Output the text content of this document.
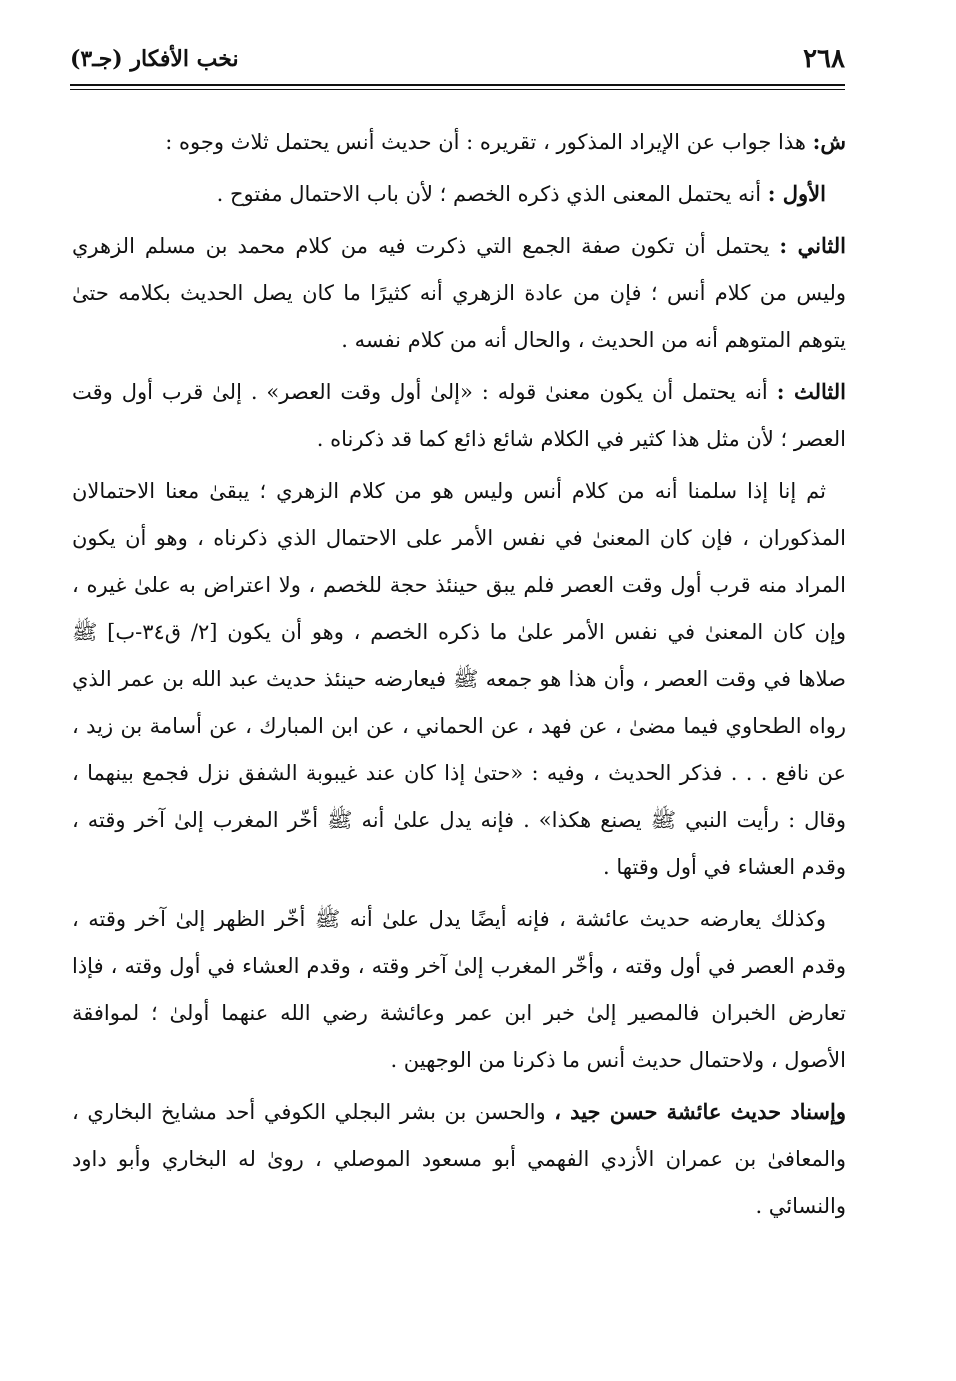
٢٦٨
نخب الأفكار (جـ٣)

ش: هذا جواب عن الإيراد المذكور ، تقريره : أن حديث أنس يحتمل ثلاث وجوه :

الأول : أنه يحتمل المعنى الذي ذكره الخصم ؛ لأن باب الاحتمال مفتوح .

الثاني : يحتمل أن تكون صفة الجمع التي ذكرت فيه من كلام محمد بن مسلم الزهري وليس من كلام أنس ؛ فإن من عادة الزهري أنه كثيرًا ما كان يصل الحديث بكلامه حتىٰ يتوهم المتوهم أنه من الحديث ، والحال أنه من كلام نفسه .

الثالث : أنه يحتمل أن يكون معنىٰ قوله : «إلىٰ أول وقت العصر» . إلىٰ قرب أول وقت العصر ؛ لأن مثل هذا كثير في الكلام شائع ذائع كما قد ذكرناه .

ثم إنا إذا سلمنا أنه من كلام أنس وليس هو من كلام الزهري ؛ يبقىٰ معنا الاحتمالان المذكوران ، فإن كان المعنىٰ في نفس الأمر على الاحتمال الذي ذكرناه ، وهو أن يكون المراد منه قرب أول وقت العصر فلم يبق حينئذ حجة للخصم ، ولا اعتراض به علىٰ غيره ، وإن كان المعنىٰ في نفس الأمر علىٰ ما ذكره الخصم ، وهو أن يكون [٢/ ق٣٤-ب] ﷺ صلاها في وقت العصر ، وأن هذا هو جمعه ﷺ فيعارضه حينئذ حديث عبد الله بن عمر الذي رواه الطحاوي فيما مضىٰ ، عن فهد ، عن الحماني ، عن ابن المبارك ، عن أسامة بن زيد ، عن نافع . . . فذكر الحديث ، وفيه : «حتىٰ إذا كان عند غيبوبة الشفق نزل فجمع بينهما ، وقال : رأيت النبي ﷺ يصنع هكذا» . فإنه يدل علىٰ أنه ﷺ أخّر المغرب إلىٰ آخر وقته ، وقدم العشاء في أول وقتها .

وكذلك يعارضه حديث عائشة ، فإنه أيضًا يدل علىٰ أنه ﷺ أخّر الظهر إلىٰ آخر وقته ، وقدم العصر في أول وقته ، وأخّر المغرب إلىٰ آخر وقته ، وقدم العشاء في أول وقته ، فإذا تعارض الخبران فالمصير إلىٰ خبر ابن عمر وعائشة رضي الله عنهما أولىٰ ؛ لموافقة الأصول ، ولاحتمال حديث أنس ما ذكرنا من الوجهين .

وإسناد حديث عائشة حسن جيد ، والحسن بن بشر البجلي الكوفي أحد مشايخ البخاري ، والمعافىٰ بن عمران الأزدي الفهمي أبو مسعود الموصلي ، روىٰ له البخاري وأبو داود والنسائي .
